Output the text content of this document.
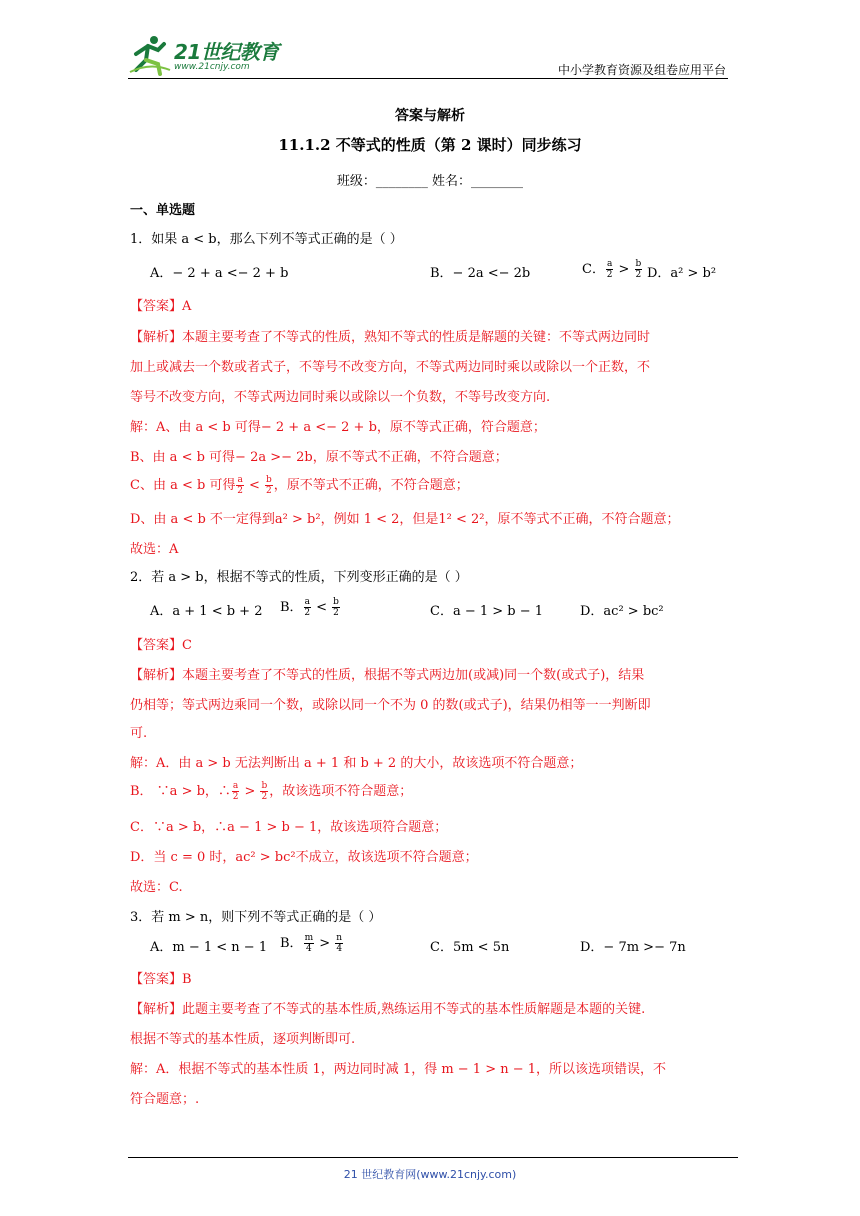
21世纪教育
www.21cnjy.com	中小学教育资源及组卷应用平台
答案与解析
11.1.2 不等式的性质（第 2 课时）同步练习
班级：________ 姓名：________
一、单选题
1．如果 a < b，那么下列不等式正确的是（ ）
A．− 2 + a <− 2 + b	B．− 2a <− 2b	C． $\frac{a}{2} > \frac{b}{2}$ D．a² > b²
【答案】A
【解析】本题主要考查了不等式的性质，熟知不等式的性质是解题的关键：不等式两边同时
加上或减去一个数或者式子，不等号不改变方向，不等式两边同时乘以或除以一个正数，不
等号不改变方向，不等式两边同时乘以或除以一个负数，不等号改变方向.
解：A、由 a < b 可得− 2 + a <− 2 + b，原不等式正确，符合题意；
B、由 a < b 可得− 2a >− 2b，原不等式不正确，不符合题意；
C、由 a < b 可得 $\frac{a}{2} < \frac{b}{2}$ ，原不等式不正确，不符合题意；
D、由 a < b 不一定得到a² > b²，例如 1 < 2，但是1² < 2²，原不等式不正确，不符合题意；
故选：A
2．若 a > b，根据不等式的性质，下列变形正确的是（ ）
A．a + 1 < b + 2 B． $\frac{a}{2} < \frac{b}{2}$	C．a − 1 > b − 1	D．ac² > bc²
【答案】C
【解析】本题主要考查了不等式的性质，根据不等式两边加(或减)同一个数(或式子)，结果
仍相等；等式两边乘同一个数，或除以同一个不为 0 的数(或式子)，结果仍相等一一判断即
可.
解：A．由 a > b 无法判断出 a + 1 和 b + 2 的大小，故该选项不符合题意；
B． ∵a > b，∴ $\frac{a}{2} > \frac{b}{2}$ ，故该选项不符合题意；
C．∵a > b，∴a − 1 > b − 1，故该选项符合题意；
D．当 c = 0 时，ac² > bc²不成立，故该选项不符合题意；
故选：C.
3．若 m > n，则下列不等式正确的是（ ）
A．m − 1 < n − 1 B． $\frac{m}{4} > \frac{n}{4}$	C．5m < 5n	D．− 7m >− 7n
【答案】B
【解析】此题主要考查了不等式的基本性质,熟练运用不等式的基本性质解题是本题的关键.
根据不等式的基本性质，逐项判断即可.
解：A．根据不等式的基本性质 1，两边同时减 1，得 m − 1 > n − 1，所以该选项错误，不
符合题意；.
21 世纪教育网(www.21cnjy.com)
